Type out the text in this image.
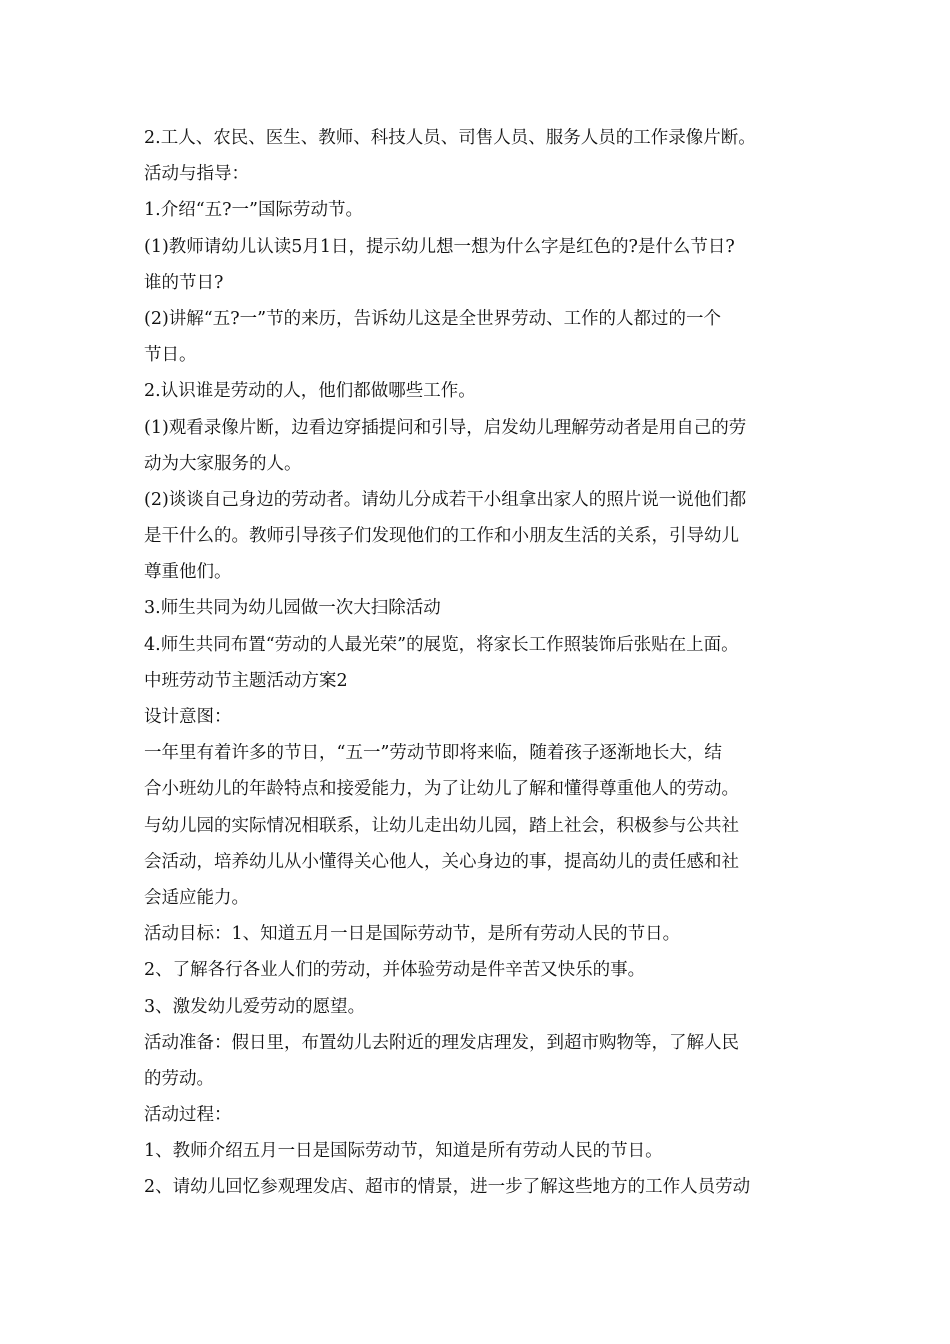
2.工人、农民、医生、教师、科技人员、司售人员、服务人员的工作录像片断。
活动与指导：
1.介绍“五?一”国际劳动节。
(1)教师请幼儿认读5月1日，提示幼儿想一想为什么字是红色的?是什么节日?
谁的节日?
(2)讲解“五?一”节的来历，告诉幼儿这是全世界劳动、工作的人都过的一个
节日。
2.认识谁是劳动的人，他们都做哪些工作。
(1)观看录像片断，边看边穿插提问和引导，启发幼儿理解劳动者是用自己的劳
动为大家服务的人。
(2)谈谈自己身边的劳动者。请幼儿分成若干小组拿出家人的照片说一说他们都
是干什么的。教师引导孩子们发现他们的工作和小朋友生活的关系，引导幼儿
尊重他们。
3.师生共同为幼儿园做一次大扫除活动
4.师生共同布置“劳动的人最光荣”的展览，将家长工作照装饰后张贴在上面。
中班劳动节主题活动方案2
设计意图：
一年里有着许多的节日，“五一”劳动节即将来临，随着孩子逐渐地长大，结
合小班幼儿的年龄特点和接爱能力，为了让幼儿了解和懂得尊重他人的劳动。
与幼儿园的实际情况相联系，让幼儿走出幼儿园，踏上社会，积极参与公共社
会活动，培养幼儿从小懂得关心他人，关心身边的事，提高幼儿的责任感和社
会适应能力。
活动目标：1、知道五月一日是国际劳动节，是所有劳动人民的节日。
2、了解各行各业人们的劳动，并体验劳动是件辛苦又快乐的事。
3、激发幼儿爱劳动的愿望。
活动准备：假日里，布置幼儿去附近的理发店理发，到超市购物等，了解人民
的劳动。
活动过程：
1、教师介绍五月一日是国际劳动节，知道是所有劳动人民的节日。
2、请幼儿回忆参观理发店、超市的情景，进一步了解这些地方的工作人员劳动
